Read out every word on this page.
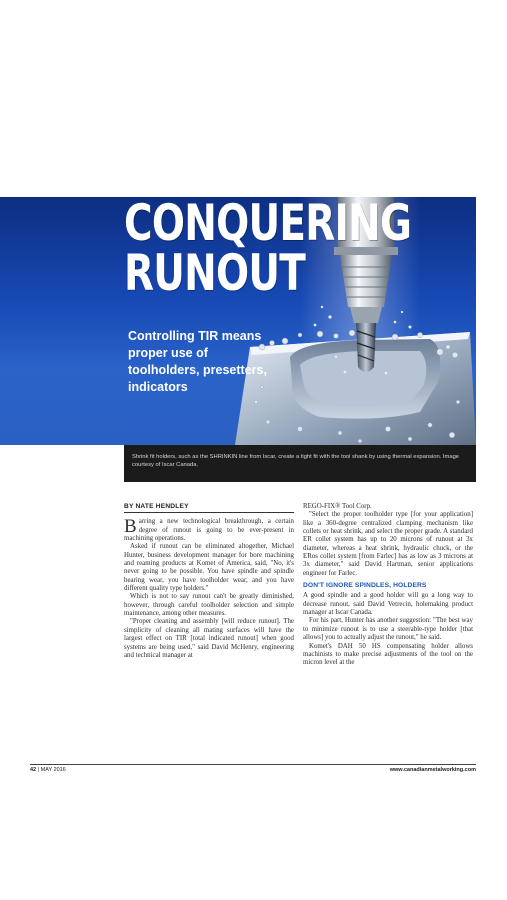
CONQUERING
RUNOUT

Controlling TIR means proper use of toolholders, presetters, indicators

Shrink fit holders, such as the SHRINKIN line from Iscar, create a tight fit with the tool shank by using thermal expansion. Image courtesy of Iscar Canada.
BY NATE HENDLEY

Barring a new technological breakthrough, a certain degree of runout is going to be ever-present in machining operations.

Asked if runout can be eliminated altogether, Michael Hunter, business development manager for bore machining and reaming products at Komet of America, said, "No, it's never going to be possible. You have spindle and spindle bearing wear, you have toolholder wear, and you have different quality type holders."

Which is not to say runout can't be greatly diminished, however, through careful toolholder selection and simple maintenance, among other measures.

"Proper cleaning and assembly [will reduce runout]. The simplicity of cleaning all mating surfaces will have the largest effect on TIR [total indicated runout] when good systems are being used," said David McHenry, engineering and technical manager at

REGO-FIX® Tool Corp.

"Select the proper toolholder type [for your application] like a 360-degree centralized clamping mechanism like collets or heat shrink, and select the proper grade. A standard ER collet system has up to 20 microns of runout at 3x diameter, whereas a heat shrink, hydraulic chuck, or the ERos collet system [from Farlec] has as low as 3 microns at 3x diameter," said David Hartman, senior applications engineer for Farlec.

DON'T IGNORE SPINDLES, HOLDERS

A good spindle and a good holder will go a long way to decrease runout, said David Vetrecin, holemaking product manager at Iscar Canada.

For his part, Hunter has another suggestion: "The best way to minimize runout is to use a steerable-type holder [that allows] you to actually adjust the runout," he said.

Komet's DAH 50 HS compensating holder allows machinists to make precise adjustments of the tool on the micron level at the

42 | MAY 2016	www.canadianmetalworking.com
